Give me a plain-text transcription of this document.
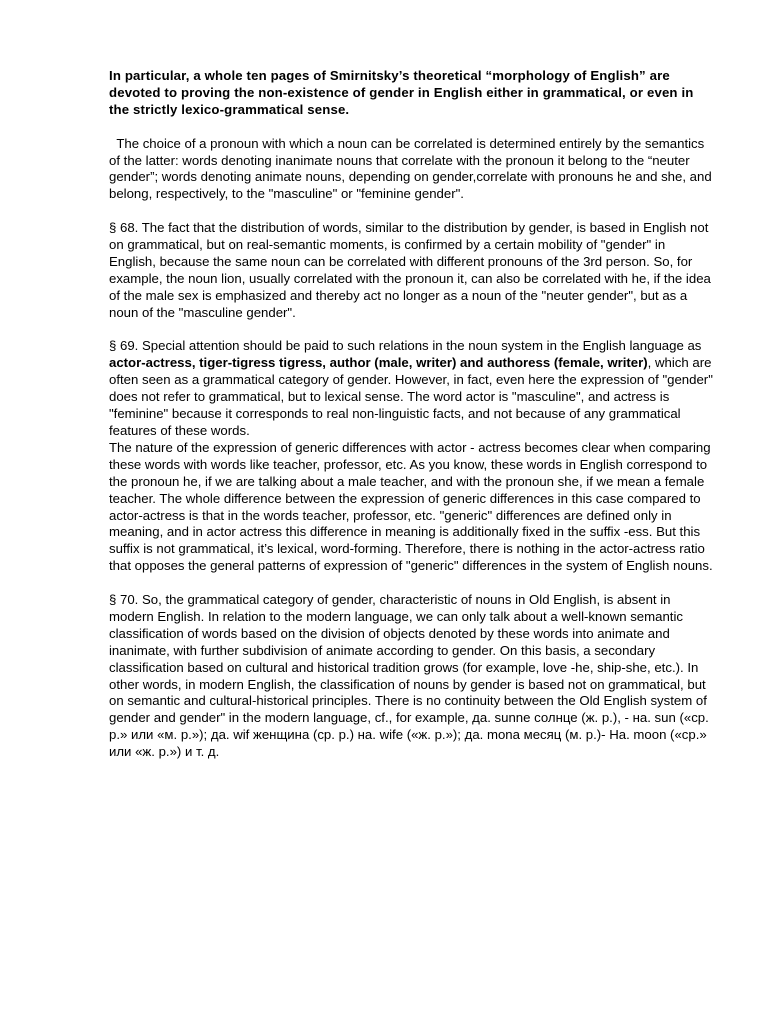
In particular, a whole ten pages of Smirnitsky’s theoretical “morphology of English” are devoted to proving the non-existence of gender in English either in grammatical, or even in the strictly lexico-grammatical sense.

The choice of a pronoun with which a noun can be correlated is determined entirely by the semantics of the latter: words denoting inanimate nouns that correlate with the pronoun it belong to the “neuter gender”; words denoting animate nouns, depending on gender,correlate with pronouns he and she, and belong, respectively, to the "masculine" or "feminine gender".

§ 68. The fact that the distribution of words, similar to the distribution by gender, is based in English not on grammatical, but on real-semantic moments, is confirmed by a certain mobility of "gender" in English, because the same noun can be correlated with different pronouns of the 3rd person. So, for example, the noun lion, usually correlated with the pronoun it, can also be correlated with he, if the idea of the male sex is emphasized and thereby act no longer as a noun of the "neuter gender", but as a noun of the "masculine gender".

§ 69. Special attention should be paid to such relations in the noun system in the English language as actor-actress, tiger-tigress tigress, author (male, writer) and authoress (female, writer), which are often seen as a grammatical category of gender. However, in fact, even here the expression of "gender" does not refer to grammatical, but to lexical sense. The word actor is "masculine", and actress is "feminine" because it corresponds to real non-linguistic facts, and not because of any grammatical features of these words.

The nature of the expression of generic differences with actor - actress becomes clear when comparing these words with words like teacher, professor, etc. As you know, these words in English correspond to the pronoun he, if we are talking about a male teacher, and with the pronoun she, if we mean a female teacher. The whole difference between the expression of generic differences in this case compared to actor-actress is that in the words teacher, professor, etc. "generic" differences are defined only in meaning, and in actor actress this difference in meaning is additionally fixed in the suffix -ess. But this suffix is not grammatical, it’s lexical, word-forming. Therefore, there is nothing in the actor-actress ratio that opposes the general patterns of expression of "generic" differences in the system of English nouns.

§ 70. So, the grammatical category of gender, characteristic of nouns in Old English, is absent in modern English. In relation to the modern language, we can only talk about a well-known semantic classification of words based on the division of objects denoted by these words into animate and inanimate, with further subdivision of animate according to gender. On this basis, a secondary classification based on cultural and historical tradition grows (for example, love -he, ship-she, etc.). In other words, in modern English, the classification of nouns by gender is based not on grammatical, but on semantic and cultural-historical principles. There is no continuity between the Old English system of gender and gender" in the modern language, cf., for example, да. sunne солнце (ж. р.), - на. sun («ср. р.» или «м. р.»); да. wif женщина (ср. р.) на. wife («ж. р.»); да. mona месяц (м. р.)- Ha. moon («ср.» или «ж. р.») и т. д.
